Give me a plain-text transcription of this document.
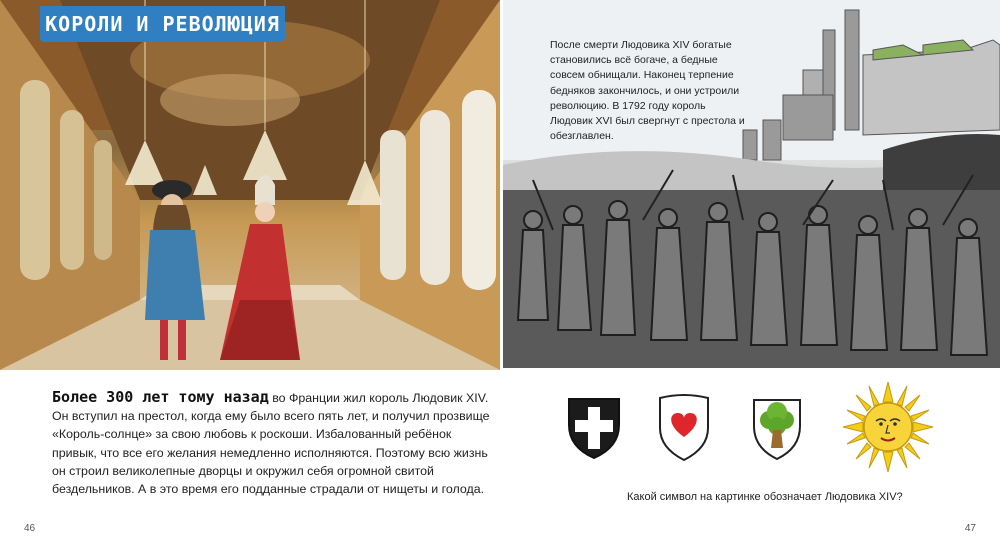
КОРОЛИ И РЕВОЛЮЦИЯ
Более 300 лет тому назад во Франции жил король Людовик XIV. Он вступил на престол, когда ему было всего пять лет, и получил прозвище «Король-солнце» за свою любовь к роскоши. Избалованный ребёнок привык, что все его желания немедленно исполняются. Поэтому всю жизнь он строил великолепные дворцы и окружил себя огромной свитой бездельников. А в это время его подданные страдали от нищеты и голода.
46
После смерти Людовика XIV богатые становились всё богаче, а бедные совсем обнищали. Наконец терпение бедняков закончилось, и они устроили революцию. В 1792 году король Людовик XVI был свергнут с престола и обезглавлен.
Какой символ на картинке обозначает Людовика XIV?
47
